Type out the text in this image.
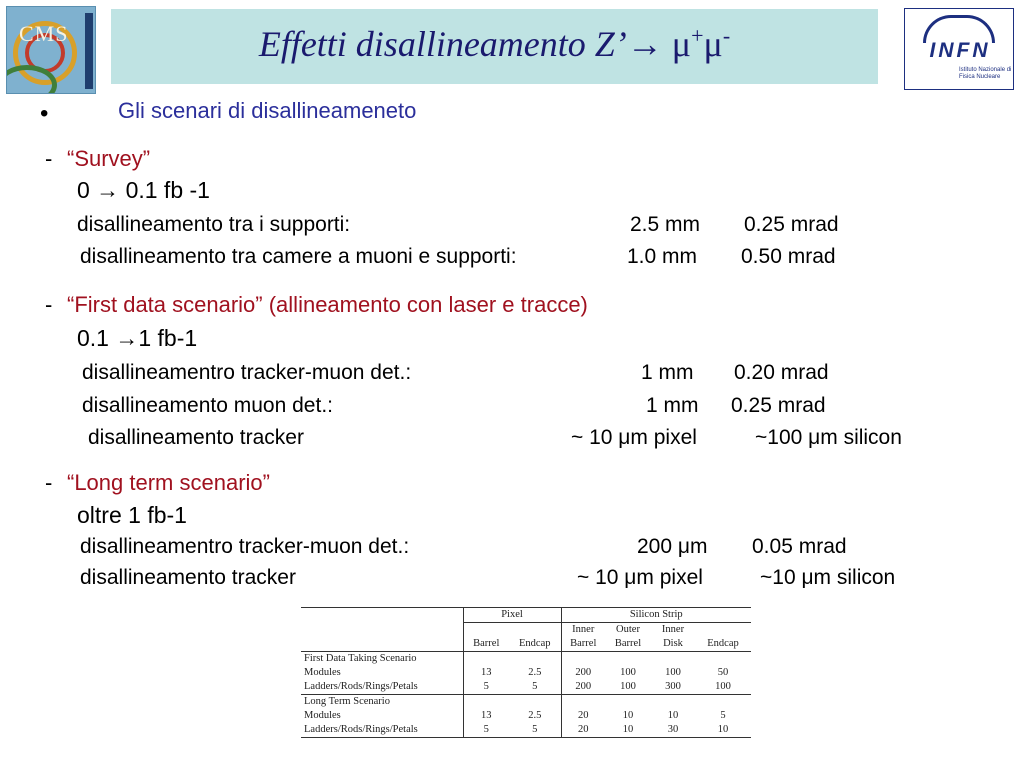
CMS	Effetti disallineamento Z’→ μ+μ-
INFN
Istituto Nazionale di Fisica Nucleare
•	Gli scenari di disallineameneto
- “Survey”
0 → 0.1 fb -1
disallineamento tra i supporti:	2.5 mm 0.25 mrad
disallineamento tra camere a muoni e supporti:	1.0 mm 0.50 mrad
- “First data scenario” (allineamento con laser e tracce)
0.1 →1 fb-1
disallineamentro tracker-muon det.:	1 mm 0.20 mrad
disallineamento muon det.:	1 mm 0.25 mrad
disallineamento tracker	~ 10 μm pixel	~100 μm silicon
- “Long term scenario”
oltre 1 fb-1
disallineamentro tracker-muon det.:	200 μm 0.05 mrad
disallineamento tracker	~ 10 μm pixel	~10 μm silicon
	Pixel		Silicon Strip			
			Inner	Outer	Inner	
	Barrel	Endcap	Barrel	Barrel	Disk	Endcap
First Data Taking Scenario						
Modules	13	2.5	200	100	100	50
Ladders/Rods/Rings/Petals	5	5	200	100	300	100
Long Term Scenario						
Modules	13	2.5	20	10	10	5
Ladders/Rods/Rings/Petals	5	5	20	10	30	10
